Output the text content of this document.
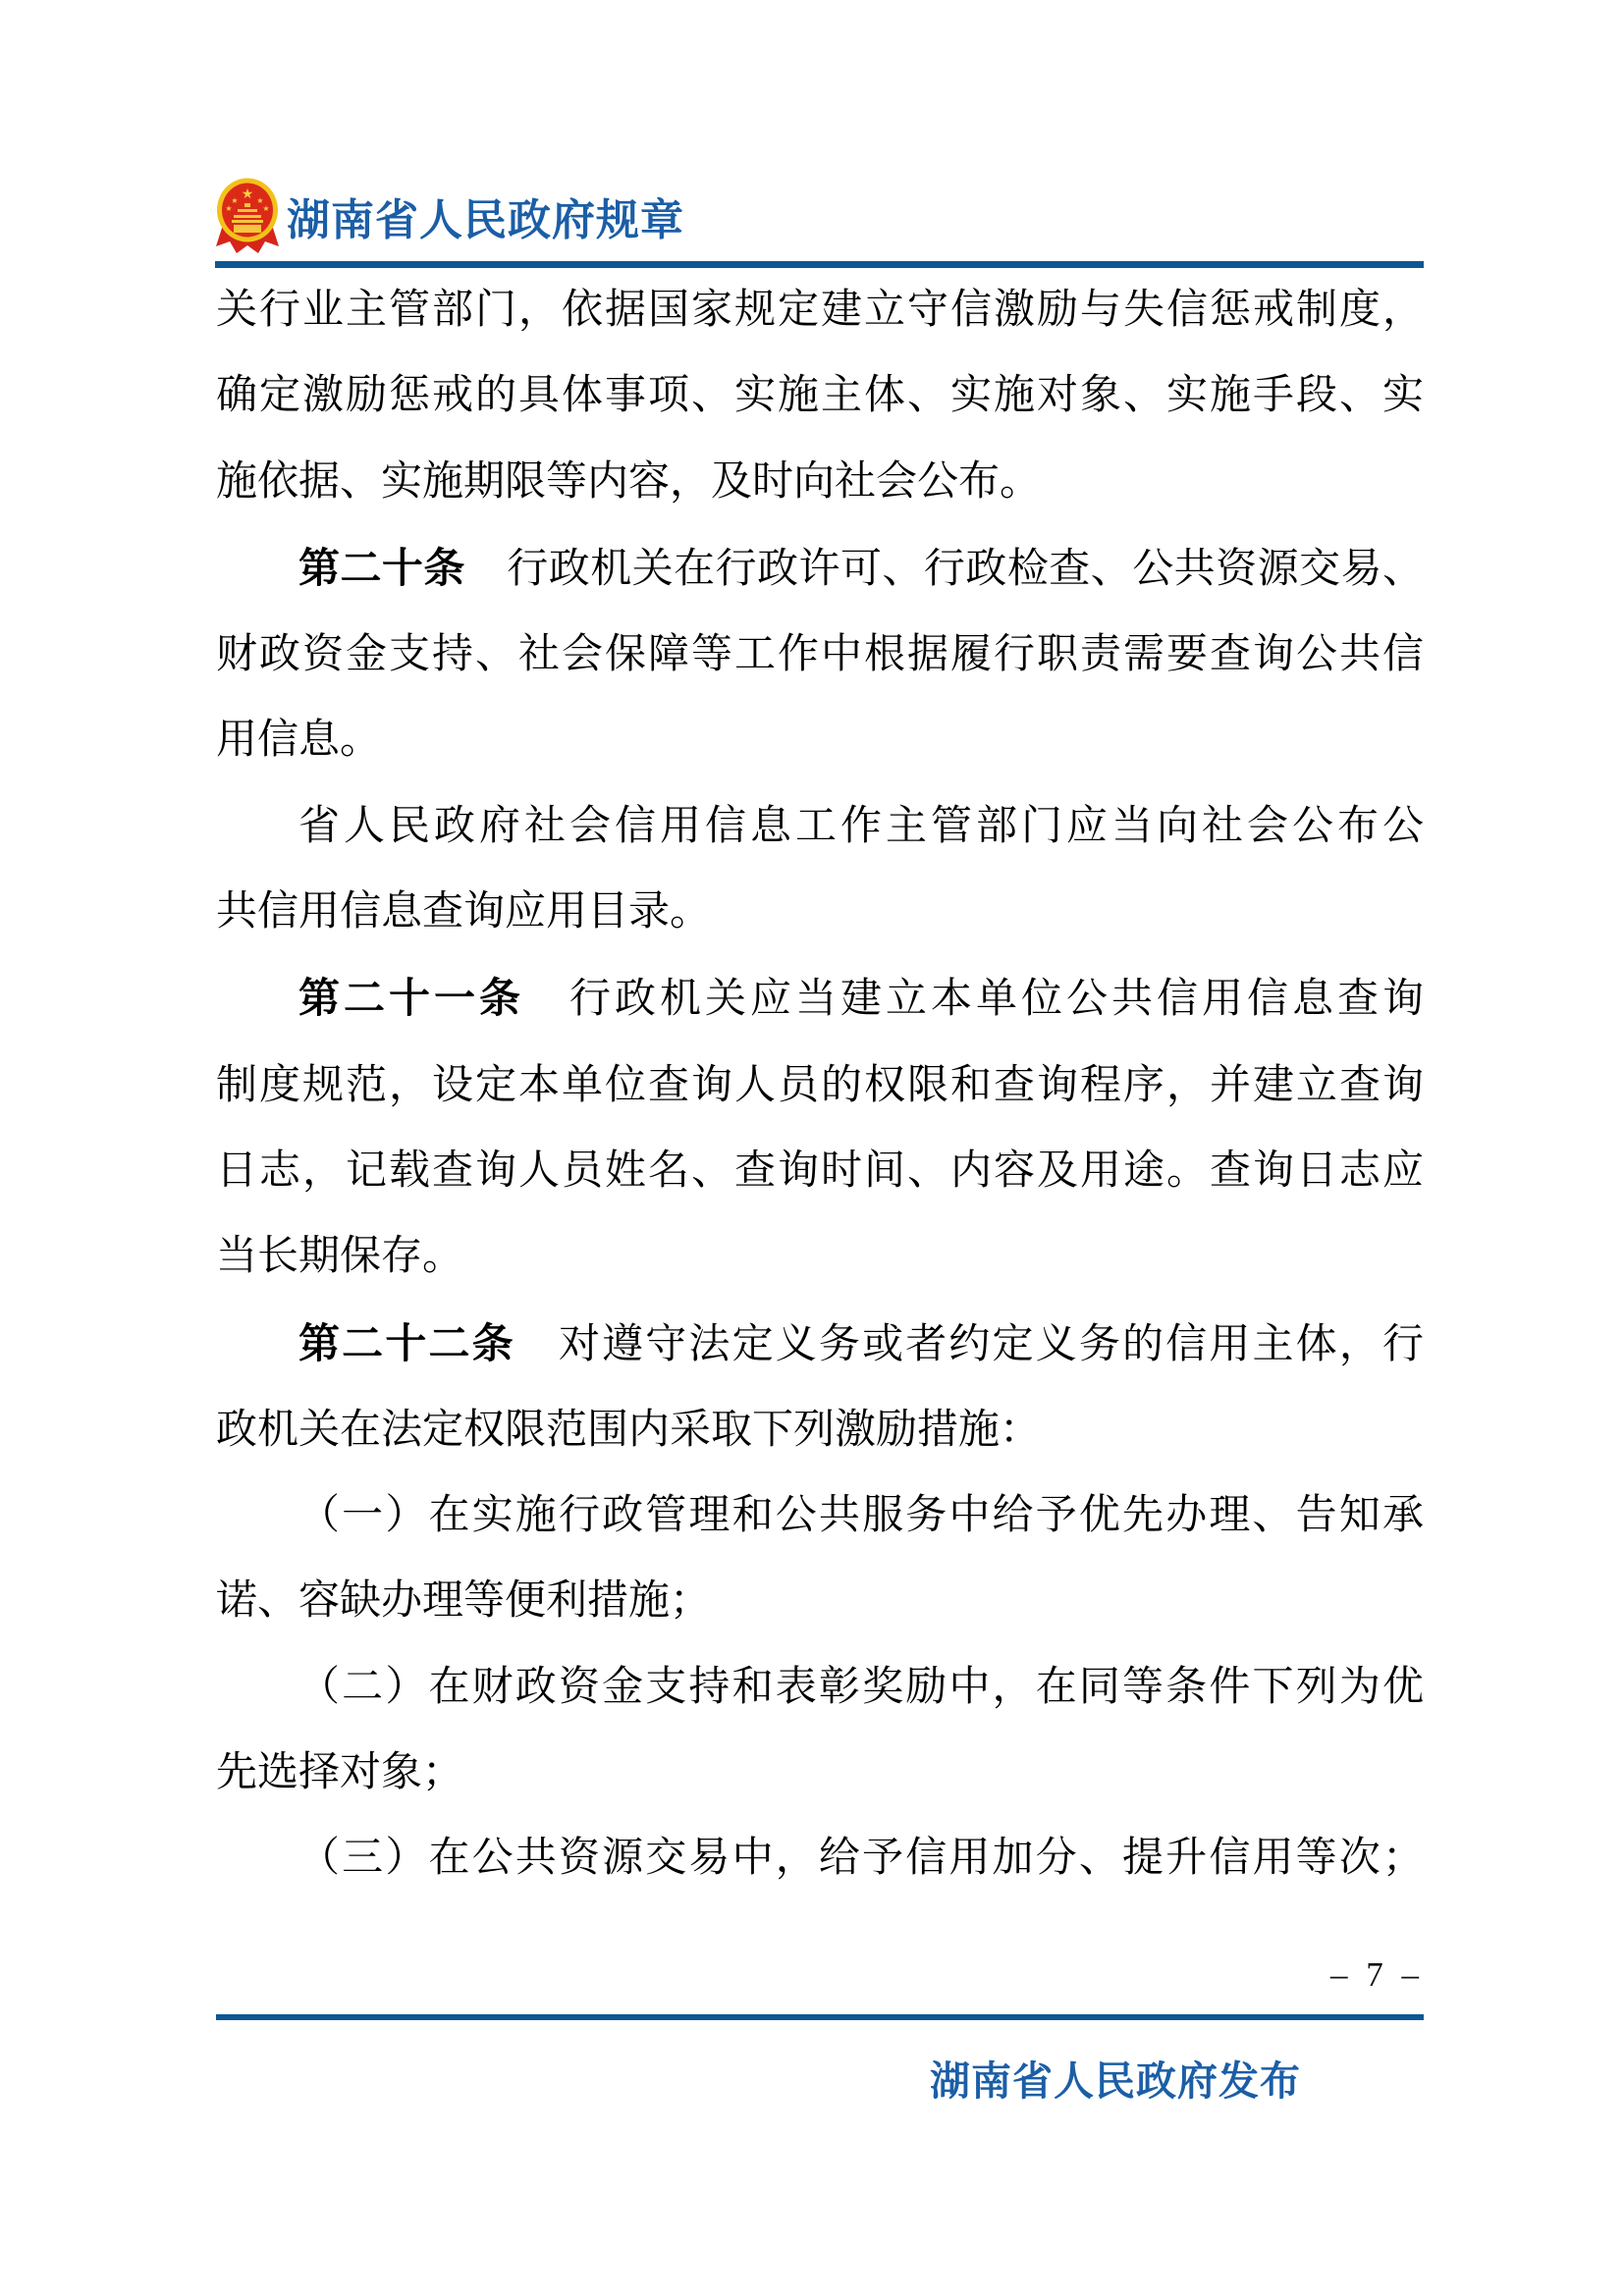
★
★ ★
★	★ 湖南省人民政府规章
关行业主管部门，依据国家规定建立守信激励与失信惩戒制度，
确定激励惩戒的具体事项、实施主体、实施对象、实施手段、实
施依据、实施期限等内容，及时向社会公布。
第二十条　行政机关在行政许可、行政检查、公共资源交易、
财政资金支持、社会保障等工作中根据履行职责需要查询公共信
用信息。
省人民政府社会信用信息工作主管部门应当向社会公布公
共信用信息查询应用目录。
第二十一条　行政机关应当建立本单位公共信用信息查询
制度规范，设定本单位查询人员的权限和查询程序，并建立查询
日志，记载查询人员姓名、查询时间、内容及用途。查询日志应
当长期保存。
第二十二条　对遵守法定义务或者约定义务的信用主体，行
政机关在法定权限范围内采取下列激励措施：
（一）在实施行政管理和公共服务中给予优先办理、告知承
诺、容缺办理等便利措施；
（二）在财政资金支持和表彰奖励中，在同等条件下列为优
先选择对象；
（三）在公共资源交易中，给予信用加分、提升信用等次；
– 7 –
湖南省人民政府发布
